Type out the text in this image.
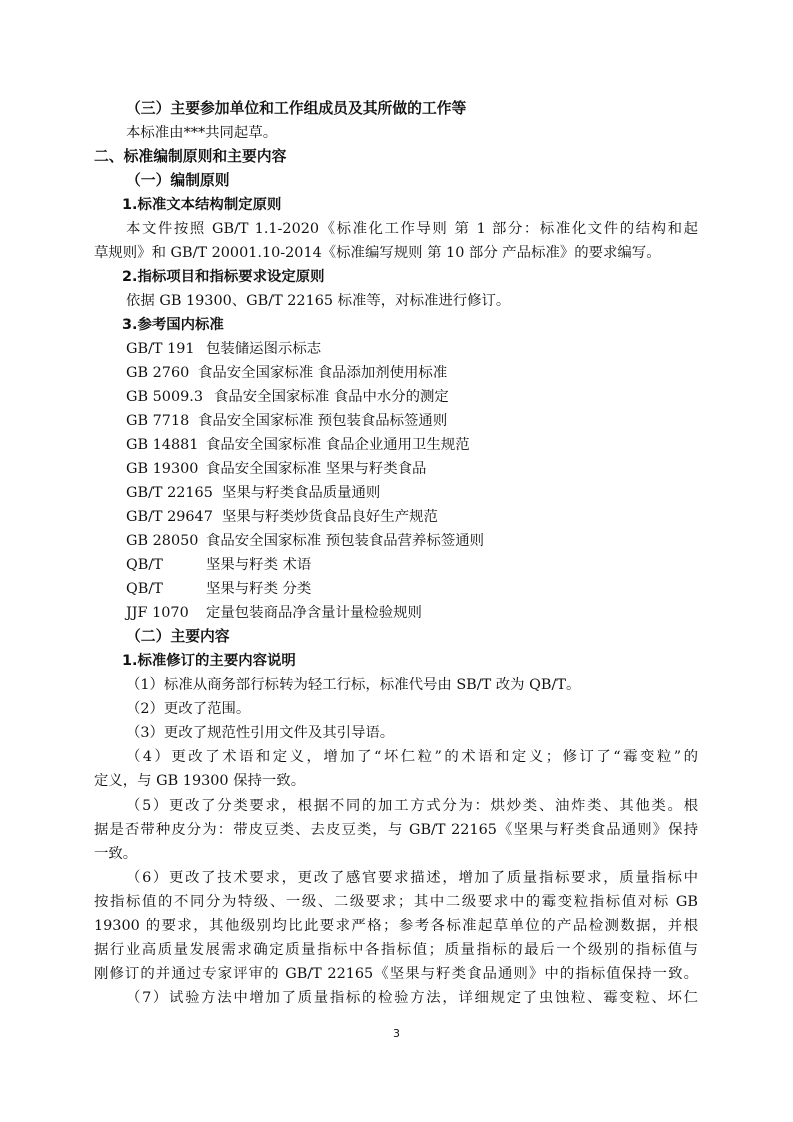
（三）主要参加单位和工作组成员及其所做的工作等
本标准由***共同起草。
二、标准编制原则和主要内容
（一）编制原则
1.标准文本结构制定原则
本文件按照 GB/T 1.1-2020《标准化工作导则 第 1 部分：标准化文件的结构和起
草规则》和 GB/T 20001.10-2014《标准编写规则 第 10 部分 产品标准》的要求编写。
2.指标项目和指标要求设定原则
依据 GB 19300、GB/T 22165 标准等，对标准进行修订。
3.参考国内标准
GB/T 191 包装储运图示标志
GB 2760 食品安全国家标准 食品添加剂使用标准
GB 5009.3 食品安全国家标准 食品中水分的测定
GB 7718 食品安全国家标准 预包装食品标签通则
GB 14881 食品安全国家标准 食品企业通用卫生规范
GB 19300 食品安全国家标准 坚果与籽类食品
GB/T 22165 坚果与籽类食品质量通则
GB/T 29647 坚果与籽类炒货食品良好生产规范
GB 28050 食品安全国家标准 预包装食品营养标签通则
QB/T	坚果与籽类 术语
QB/T	坚果与籽类 分类
JJF 1070 定量包装商品净含量计量检验规则
（二）主要内容
1.标准修订的主要内容说明
（1）标准从商务部行标转为轻工行标，标准代号由 SB/T 改为 QB/T。
（2）更改了范围。
（3）更改了规范性引用文件及其引导语。
（4）更改了术语和定义，增加了“坏仁粒”的术语和定义；修订了“霉变粒”的
定义，与 GB 19300 保持一致。
（5）更改了分类要求，根据不同的加工方式分为：烘炒类、油炸类、其他类。根
据是否带种皮分为：带皮豆类、去皮豆类，与 GB/T 22165《坚果与籽类食品通则》保持
一致。
（6）更改了技术要求，更改了感官要求描述，增加了质量指标要求，质量指标中
按指标值的不同分为特级、一级、二级要求；其中二级要求中的霉变粒指标值对标 GB
19300 的要求，其他级别均比此要求严格；参考各标准起草单位的产品检测数据，并根
据行业高质量发展需求确定质量指标中各指标值；质量指标的最后一个级别的指标值与
刚修订的并通过专家评审的 GB/T 22165《坚果与籽类食品通则》中的指标值保持一致。
（7）试验方法中增加了质量指标的检验方法，详细规定了虫蚀粒、霉变粒、坏仁
3
